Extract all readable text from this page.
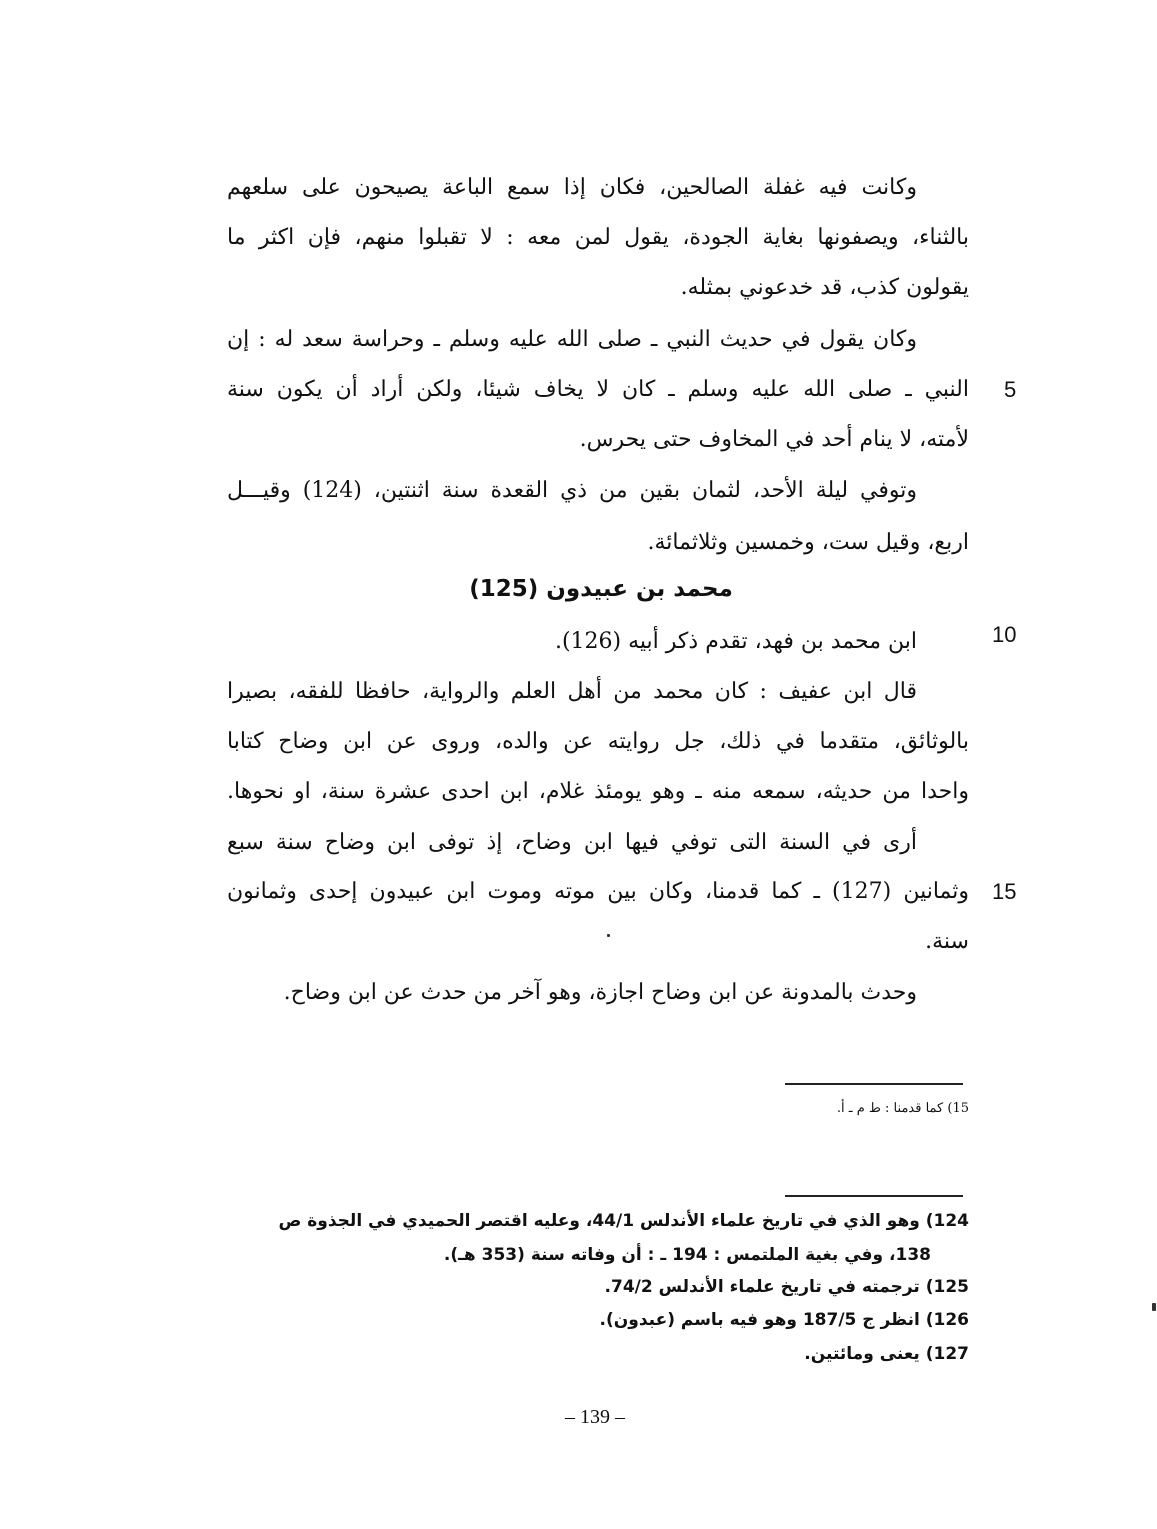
وكانت فيه غفلة الصالحين، فكان إذا سمع الباعة يصيحون على سلعهم
بالثناء، ويصفونها بغاية الجودة، يقول لمن معه : لا تقبلوا منهم، فإن اكثر ما
يقولون كذب، قد خدعوني بمثله.
وكان يقول في حديث النبي ـ صلى الله عليه وسلم ـ وحراسة سعد له : إن
النبي ـ صلى الله عليه وسلم ـ كان لا يخاف شيئا، ولكن أراد أن يكون سنة
لأمته، لا ينام أحد في المخاوف حتى يحرس.
وتوفي ليلة الأحد، لثمان بقين من ذي القعدة سنة اثنتين، (124) وقيـــل
اربع، وقيل ست، وخمسين وثلاثمائة.
محمد بن عبيدون (125)
ابن محمد بن فهد، تقدم ذكر أبيه (126).
قال ابن عفيف : كان محمد من أهل العلم والرواية، حافظا للفقه، بصيرا
بالوثائق، متقدما في ذلك، جل روايته عن والده، وروى عن ابن وضاح كتابا
واحدا من حديثه، سمعه منه ـ وهو يومئذ غلام، ابن احدى عشرة سنة، او نحوها.
أرى في السنة التى توفي فيها ابن وضاح، إذ توفى ابن وضاح سنة سبع
وثمانين (127) ـ كما قدمنا، وكان بين موته وموت ابن عبيدون إحدى وثمانون
سنة.
وحدث بالمدونة عن ابن وضاح اجازة، وهو آخر من حدث عن ابن وضاح.
5
10
15
15) كما قدمنا : ط م ـ أ.
124) وهو الذي في تاريخ علماء الأندلس 44/1، وعليه اقتصر الحميدي في الجذوة ص
138، وفي بغية الملتمس : 194 ـ : أن وفاته سنة (353 هـ).
125) ترجمته في تاريخ علماء الأندلس 74/2.
126) انظر ج 187/5 وهو فيه باسم (عبدون).
127) يعنى ومائتين.
– 139 –
